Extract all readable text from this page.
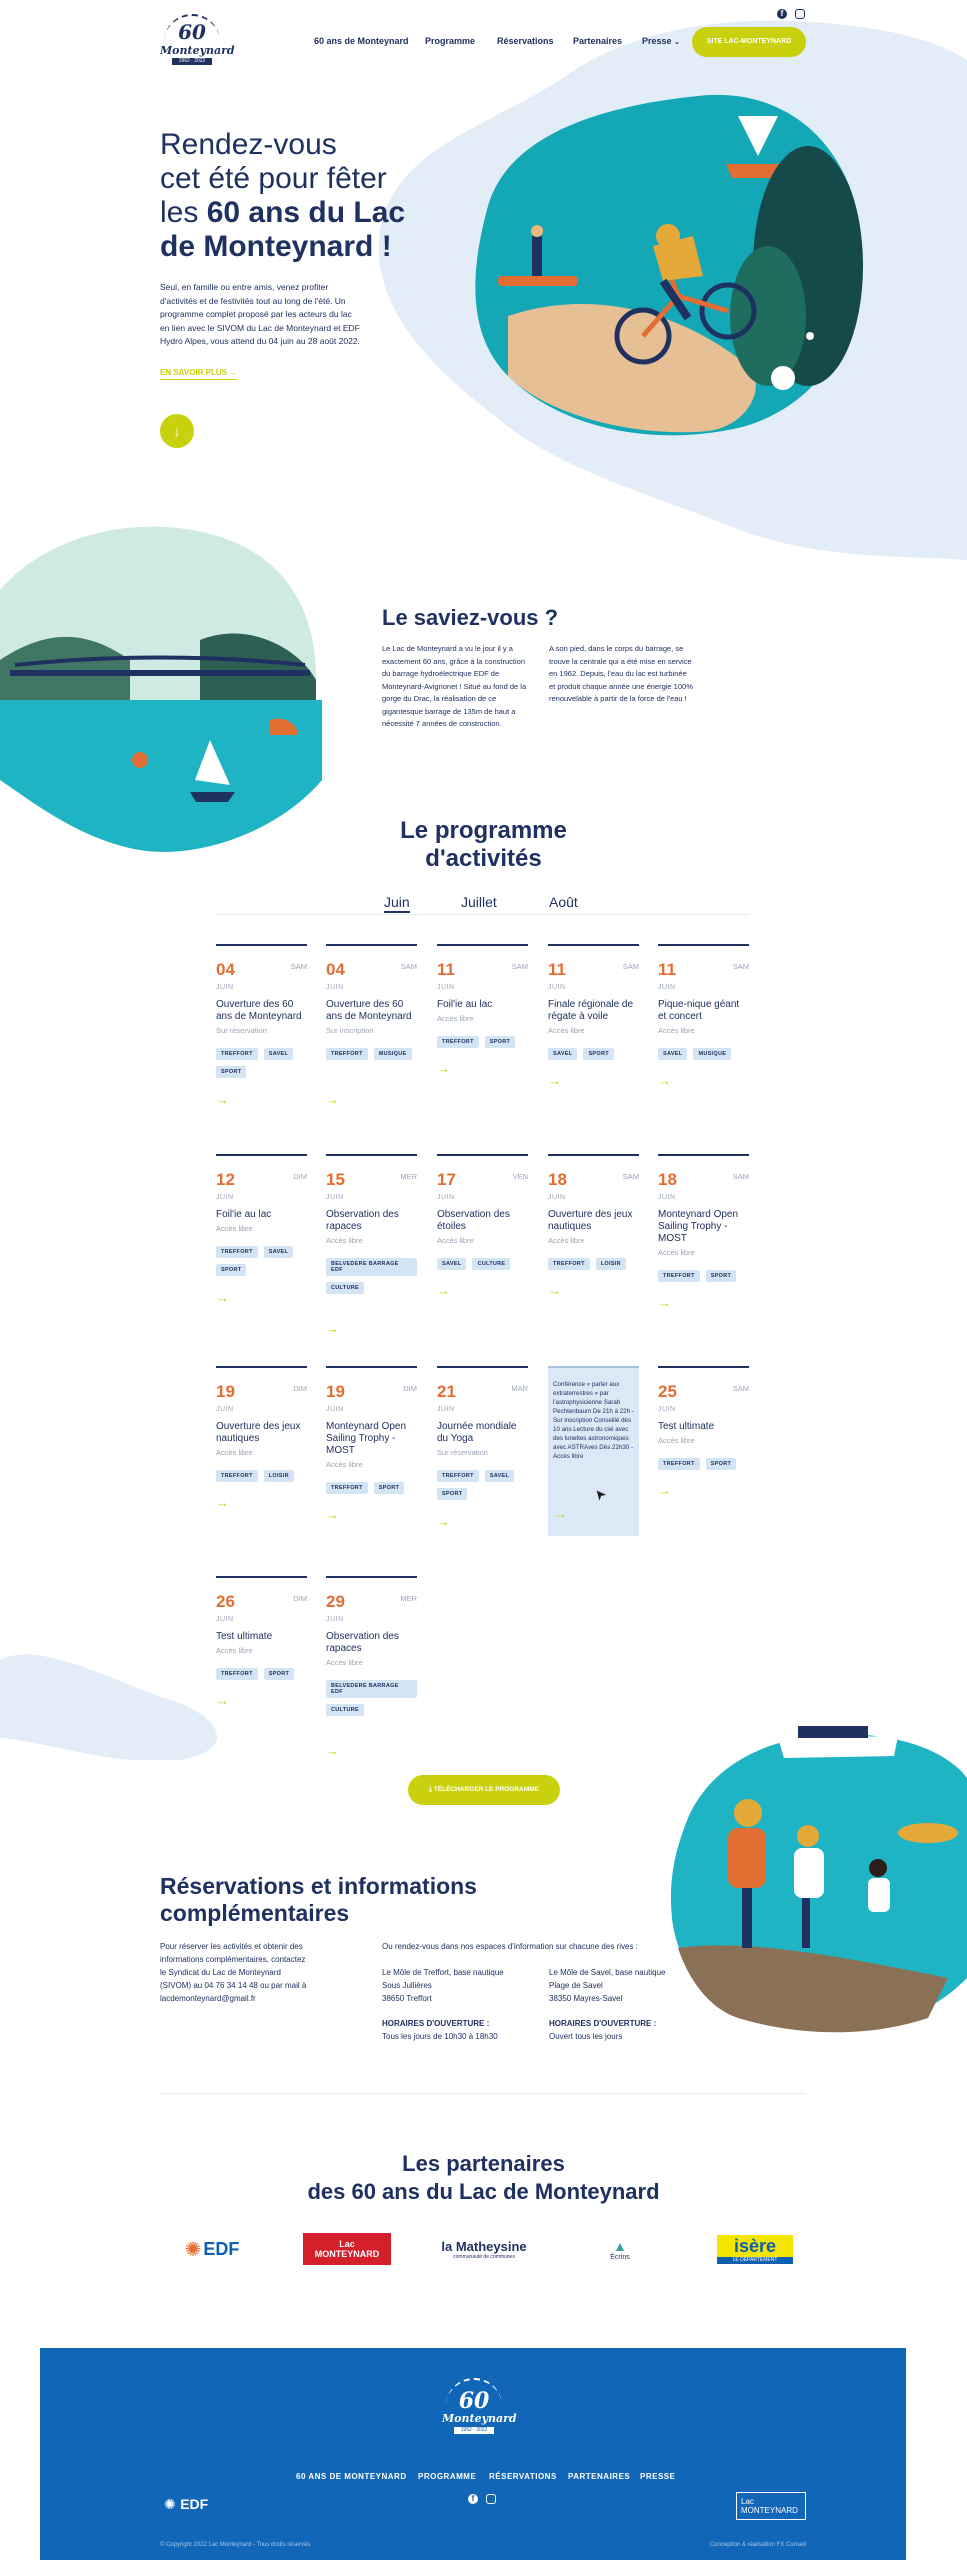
60
Monteynard
1962 · 2022
60 ans de Monteynard Programme Réservations Partenaires Presse ⌄	SITE LAC-MONTEYNARD
f
Rendez-vous
cet été pour fêter
les 60 ans du Lac
de Monteynard !
Seul, en famille ou entre amis, venez profiter d'activités et de festivités tout au long de l'été. Un programme complet proposé par les acteurs du lac en lien avec le SIVOM du Lac de Monteynard et EDF Hydro Alpes, vous attend du 04 juin au 28 août 2022.
EN SAVOIR PLUS →
↓
Le saviez-vous ?
Le Lac de Monteynard a vu le jour il y a exactement 60 ans, grâce à la construction du barrage hydroélectrique EDF de Monteynard-Avignonet ! Situé au fond de la gorge du Drac, la réalisation de ce gigantesque barrage de 135m de haut a nécessité 7 années de construction.
A son pied, dans le corps du barrage, se trouve la centrale qui a été mise en service en 1962. Depuis, l'eau du lac est turbinée et produit chaque année une énergie 100% renouvelable à partir de la force de l'eau !
Le programme
d'activités
Juin	Juillet	Août
04	SAM
JUIN
Ouverture des 60 ans de Monteynard
Sur réservation
TREFFORT	SAVEL
SPORT
→
04	SAM
JUIN
Ouverture des 60 ans de Monteynard
Sur inscription
TREFFORT	MUSIQUE
→
11	SAM
JUIN
Foil'ie au lac
Accès libre
TREFFORT	SPORT
→
11	SAM
JUIN
Finale régionale de régate à voile
Accès libre
SAVEL	SPORT
→
11	SAM
JUIN
Pique-nique géant et concert
Accès libre
SAVEL	MUSIQUE
→
12	DIM
JUIN
Foil'ie au lac
Accès libre
TREFFORT	SAVEL
SPORT
→
15	MER
JUIN
Observation des rapaces
Accès libre
BELVEDERE BARRAGE EDF
CULTURE
→
17	VEN
JUIN
Observation des étoiles
Accès libre
SAVEL	CULTURE
→
18	SAM
JUIN
Ouverture des jeux nautiques
Accès libre
TREFFORT	LOISIR
→
18	SAM
JUIN
Monteynard Open Sailing Trophy - MOST
Accès libre
TREFFORT	SPORT
→
19	DIM
JUIN
Ouverture des jeux nautiques
Accès libre
TREFFORT	LOISIR
→
19	DIM
JUIN
Monteynard Open Sailing Trophy - MOST
Accès libre
TREFFORT	SPORT
→
21	MAR
JUIN
Journée mondiale du Yoga
Sur réservation
TREFFORT	SAVEL
SPORT
→
Conférence « parler aux extraterrestres » par l'astrophysicienne Sarah Pechtenbaum De 21h à 22h - Sur inscription Conseillé dès 10 ans Lecture du ciel avec des lunettes astronomiques avec ASTRAves Dès 22h30 - Accès libre
→
➤
25	SAM
JUIN
Test ultimate
Accès libre
TREFFORT	SPORT
→
26	DIM
JUIN
Test ultimate
Accès libre
TREFFORT	SPORT
→
29	MER
JUIN
Observation des rapaces
Accès libre
BELVEDERE BARRAGE EDF
CULTURE
→
⤓ TÉLÉCHARGER LE PROGRAMME
Réservations et informations
complémentaires
Pour réserver les activités et obtenir des informations complémentaires, contactez le Syndicat du Lac de Monteynard (SIVOM) au 04 76 34 14 48 ou par mail à lacdemonteynard@gmail.fr
Ou rendez-vous dans nos espaces d'information sur chacune des rives :
Le Môle de Treffort, base nautique
Sous Jullières
38650 Treffort
HORAIRES D'OUVERTURE :
Tous les jours de 10h30 à 18h30
Le Môle de Savel, base nautique
Plage de Savel
38350 Mayres-Savel
HORAIRES D'OUVERTURE :
Ouvert tous les jours
Les partenaires
des 60 ans du Lac de Monteynard
✺ EDF	Lac MONTEYNARD
la Matheysine
communauté de communes
▲
Écrins
isère
LE DÉPARTEMENT
60
Monteynard
1962 · 2022
60 ANS DE MONTEYNARD PROGRAMME RÉSERVATIONS PARTENAIRES PRESSE
f
✺ EDF	Lac MONTEYNARD
© Copyright 2022 Lac Monteynard - Tous droits réservés	Conception & réalisation FX Conseil
